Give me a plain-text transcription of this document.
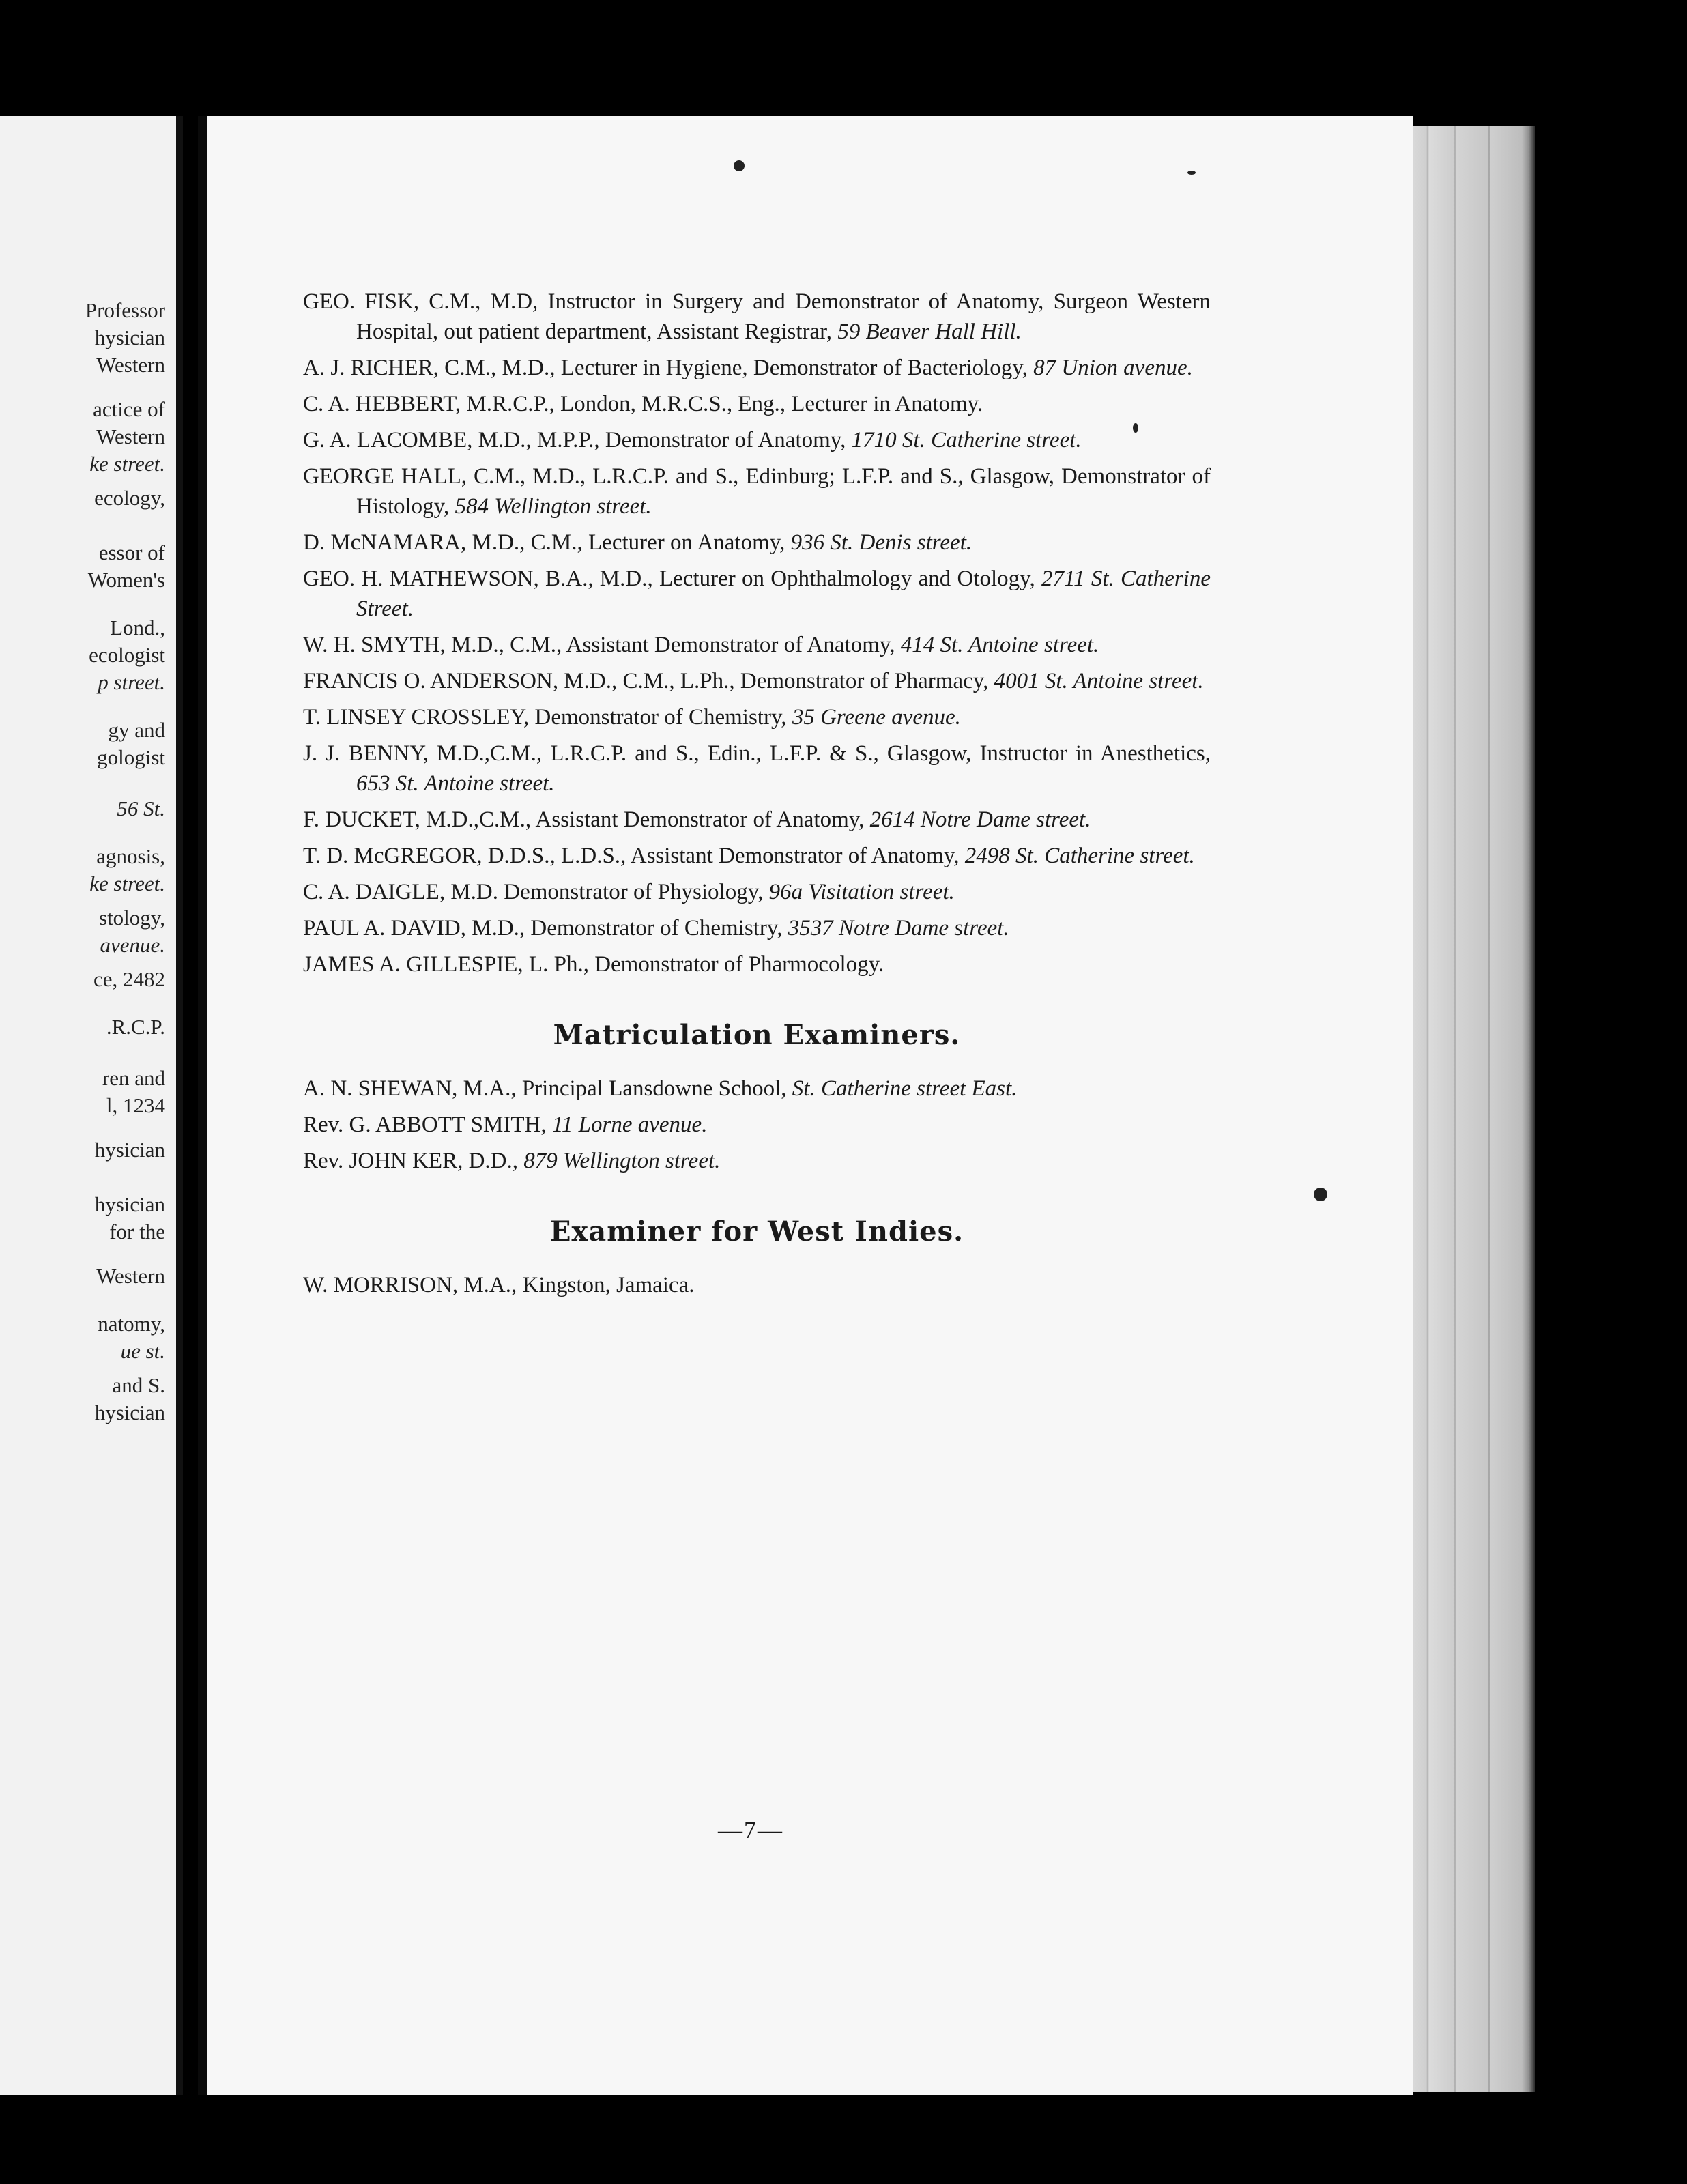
Professor
hysician
Western
actice of
Western
ke street.
ecology,
essor of
Women's
Lond.,
ecologist
p street.
gy and
gologist
56 St.
agnosis,
ke street.
stology,
avenue.
ce, 2482
.R.C.P.
ren and
l, 1234
hysician
hysician
for the
Western
natomy,
ue st.
and S.
hysician
GEO. FISK, C.M., M.D, Instructor in Surgery and Demonstrator of Anatomy, Surgeon Western Hospital, out patient department, Assistant Registrar, 59 Beaver Hall Hill.
A. J. RICHER, C.M., M.D., Lecturer in Hygiene, Demonstrator of Bacteriology, 87 Union avenue.
C. A. HEBBERT, M.R.C.P., London, M.R.C.S., Eng., Lecturer in Anatomy.
G. A. LACOMBE, M.D., M.P.P., Demonstrator of Anatomy, 1710 St. Catherine street.
GEORGE HALL, C.M., M.D., L.R.C.P. and S., Edinburg; L.F.P. and S., Glasgow, Demonstrator of Histology, 584 Wellington street.
D. McNAMARA, M.D., C.M., Lecturer on Anatomy, 936 St. Denis street.
GEO. H. MATHEWSON, B.A., M.D., Lecturer on Ophthalmology and Otology, 2711 St. Catherine Street.
W. H. SMYTH, M.D., C.M., Assistant Demonstrator of Anatomy, 414 St. Antoine street.
FRANCIS O. ANDERSON, M.D., C.M., L.Ph., Demonstrator of Pharmacy, 4001 St. Antoine street.
T. LINSEY CROSSLEY, Demonstrator of Chemistry, 35 Greene avenue.
J. J. BENNY, M.D.,C.M., L.R.C.P. and S., Edin., L.F.P. & S., Glasgow, Instructor in Anesthetics, 653 St. Antoine street.
F. DUCKET, M.D.,C.M., Assistant Demonstrator of Anatomy, 2614 Notre Dame street.
T. D. McGREGOR, D.D.S., L.D.S., Assistant Demonstrator of Anatomy, 2498 St. Catherine street.
C. A. DAIGLE, M.D. Demonstrator of Physiology, 96a Visitation street.
PAUL A. DAVID, M.D., Demonstrator of Chemistry, 3537 Notre Dame street.
JAMES A. GILLESPIE, L. Ph., Demonstrator of Pharmocology.
Matriculation Examiners.
A. N. SHEWAN, M.A., Principal Lansdowne School, St. Catherine street East.
Rev. G. ABBOTT SMITH, 11 Lorne avenue.
Rev. JOHN KER, D.D., 879 Wellington street.
Examiner for West Indies.
W. MORRISON, M.A., Kingston, Jamaica.
—7—
